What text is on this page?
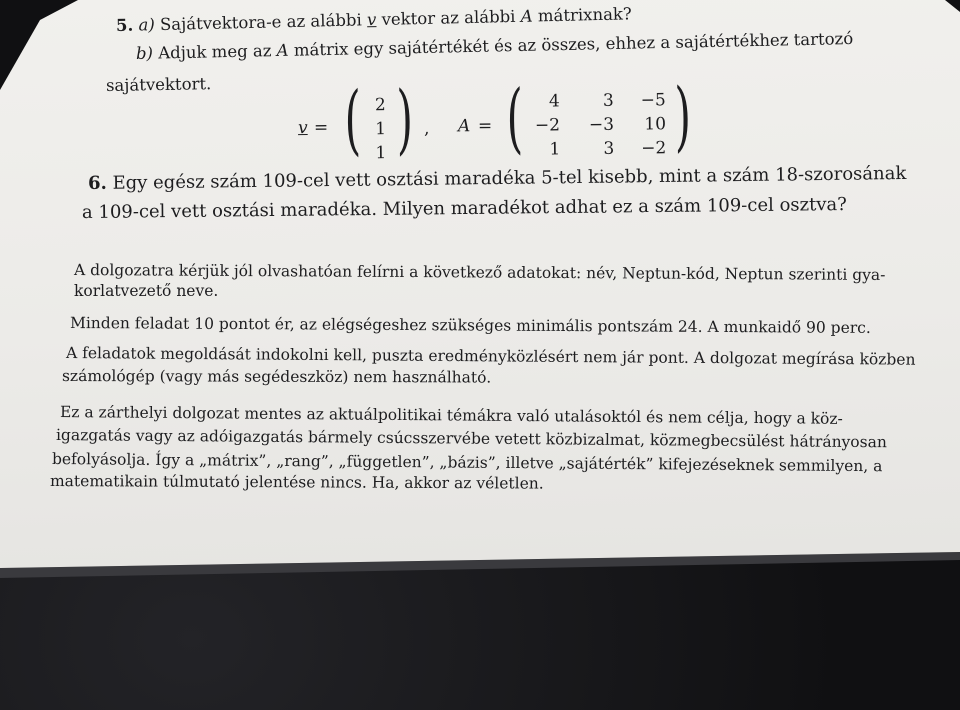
5. a) Sajátvektora-e az alábbi v vektor az alábbi A mátrixnak?
b) Adjuk meg az A mátrix egy sajátértékét és az összes, ehhez a sajátértékhez tartozó
sajátvektort.
v = ( 2
1
1 ) , A = (	4	3	−5
−2	−3	10
1	3	−2 )
6. Egy egész szám 109-cel vett osztási maradéka 5-tel kisebb, mint a szám 18-szorosának
a 109-cel vett osztási maradéka. Milyen maradékot adhat ez a szám 109-cel osztva?
A dolgozatra kérjük jól olvashatóan felírni a következő adatokat: név, Neptun-kód, Neptun szerinti gya-
korlatvezető neve.
Minden feladat 10 pontot ér, az elégségeshez szükséges minimális pontszám 24. A munkaidő 90 perc.
A feladatok megoldását indokolni kell, puszta eredményközlésért nem jár pont. A dolgozat megírása közben
számológép (vagy más segédeszköz) nem használható.
Ez a zárthelyi dolgozat mentes az aktuálpolitikai témákra való utalásoktól és nem célja, hogy a köz-
igazgatás vagy az adóigazgatás bármely csúcsszervébe vetett közbizalmat, közmegbecsülést hátrányosan
befolyásolja. Így a „mátrix”, „rang”, „független”, „bázis”, illetve „sajátérték” kifejezéseknek semmilyen, a
matematikain túlmutató jelentése nincs. Ha, akkor az véletlen.
